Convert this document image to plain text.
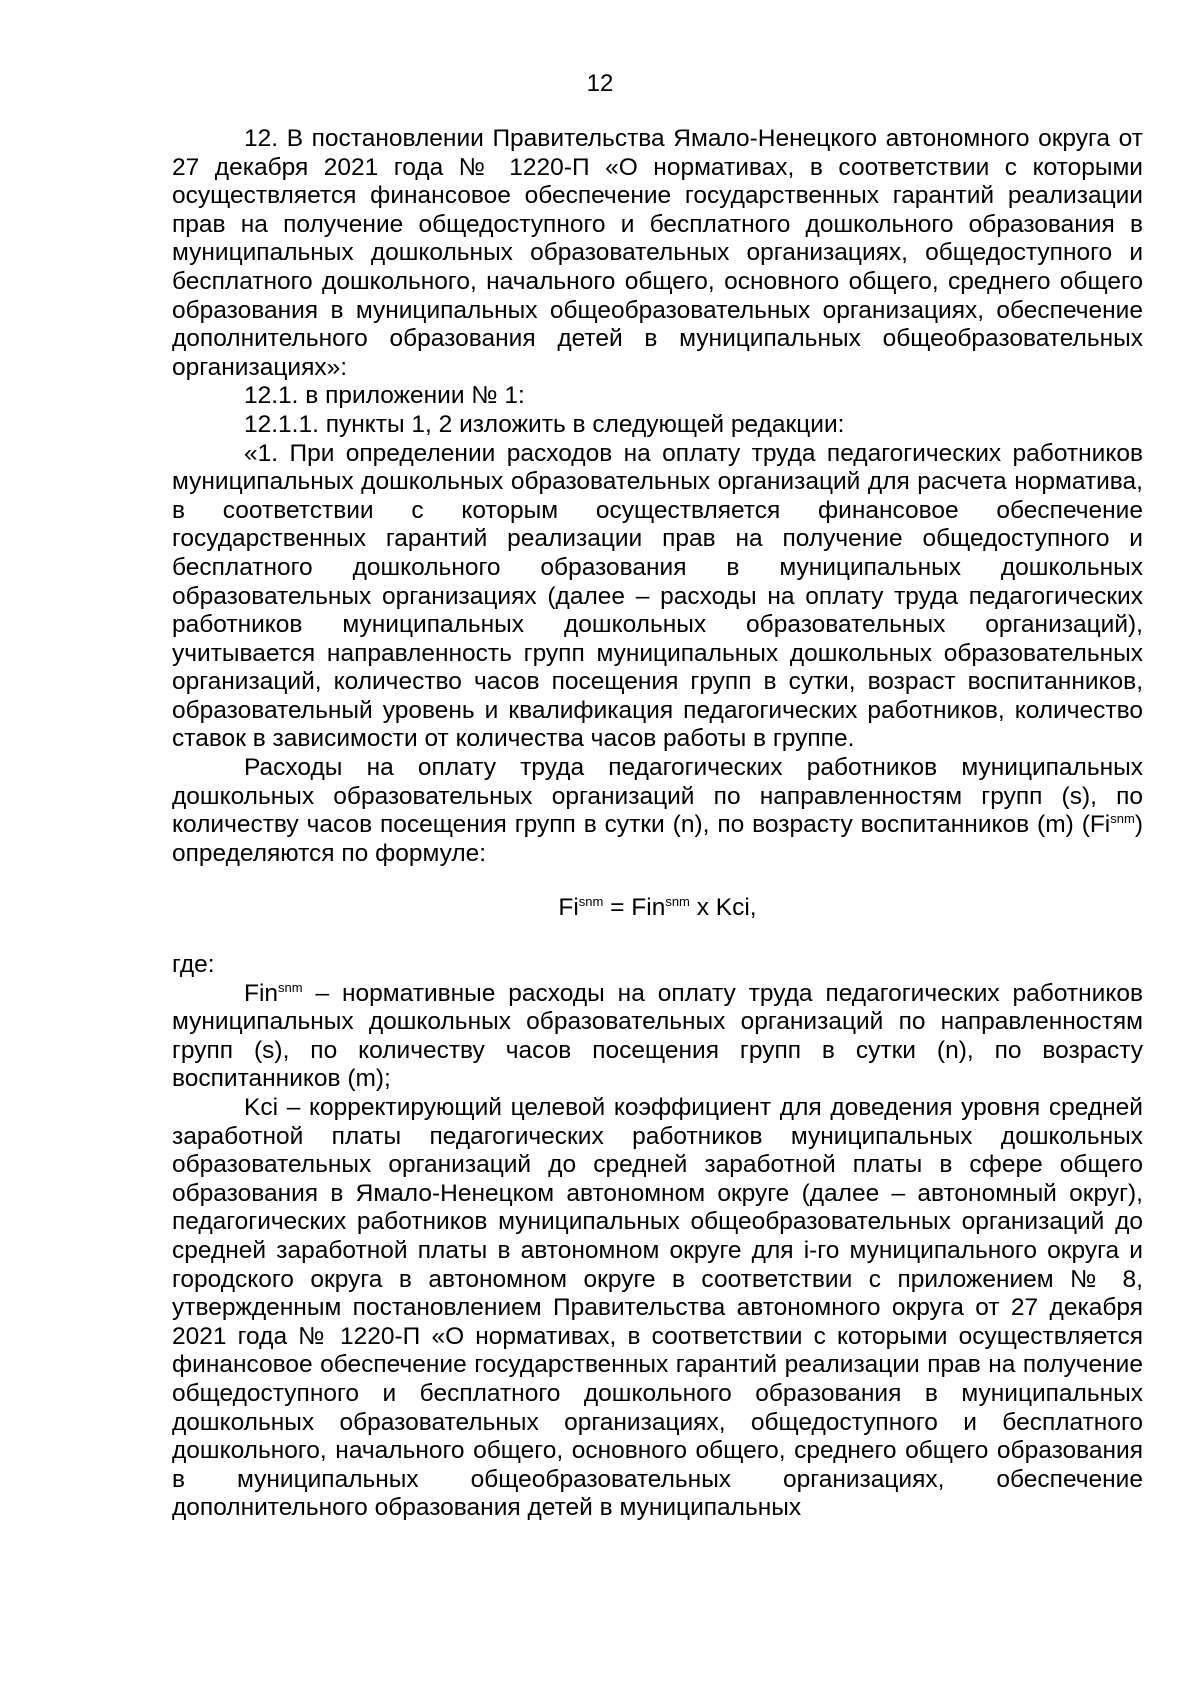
12

12. В постановлении Правительства Ямало-Ненецкого автономного округа от 27 декабря 2021 года № 1220-П «О нормативах, в соответствии с которыми осуществляется финансовое обеспечение государственных гарантий реализации прав на получение общедоступного и бесплатного дошкольного образования в муниципальных дошкольных образовательных организациях, общедоступного и бесплатного дошкольного, начального общего, основного общего, среднего общего образования в муниципальных общеобразовательных организациях, обеспечение дополнительного образования детей в муниципальных общеобразовательных организациях»:

12.1. в приложении № 1:

12.1.1. пункты 1, 2 изложить в следующей редакции:

«1. При определении расходов на оплату труда педагогических работников муниципальных дошкольных образовательных организаций для расчета норматива, в соответствии с которым осуществляется финансовое обеспечение государственных гарантий реализации прав на получение общедоступного и бесплатного дошкольного образования в муниципальных дошкольных образовательных организациях (далее – расходы на оплату труда педагогических работников муниципальных дошкольных образовательных организаций), учитывается направленность групп муниципальных дошкольных образовательных организаций, количество часов посещения групп в сутки, возраст воспитанников, образовательный уровень и квалификация педагогических работников, количество ставок в зависимости от количества часов работы в группе.

Расходы на оплату труда педагогических работников муниципальных дошкольных образовательных организаций по направленностям групп (s), по количеству часов посещения групп в сутки (n), по возрасту воспитанников (m) $(Fi^{snm})$ определяются по формуле:

$Fi^{snm} = Fin^{snm}$ x Kci,

где:

Fin$^{snm}$ – нормативные расходы на оплату труда педагогических работников муниципальных дошкольных образовательных организаций по направленностям групп (s), по количеству часов посещения групп в сутки (n), по возрасту воспитанников (m);

Kci – корректирующий целевой коэффициент для доведения уровня средней заработной платы педагогических работников муниципальных дошкольных образовательных организаций до средней заработной платы в сфере общего образования в Ямало-Ненецком автономном округе (далее – автономный округ), педагогических работников муниципальных общеобразовательных организаций до средней заработной платы в автономном округе для i-го муниципального округа и городского округа в автономном округе в соответствии с приложением № 8, утвержденным постановлением Правительства автономного округа от 27 декабря 2021 года № 1220-П «О нормативах, в соответствии с которыми осуществляется финансовое обеспечение государственных гарантий реализации прав на получение общедоступного и бесплатного дошкольного образования в муниципальных дошкольных образовательных организациях, общедоступного и бесплатного дошкольного, начального общего, основного общего, среднего общего образования в муниципальных общеобразовательных организациях, обеспечение дополнительного образования детей в муниципальных
